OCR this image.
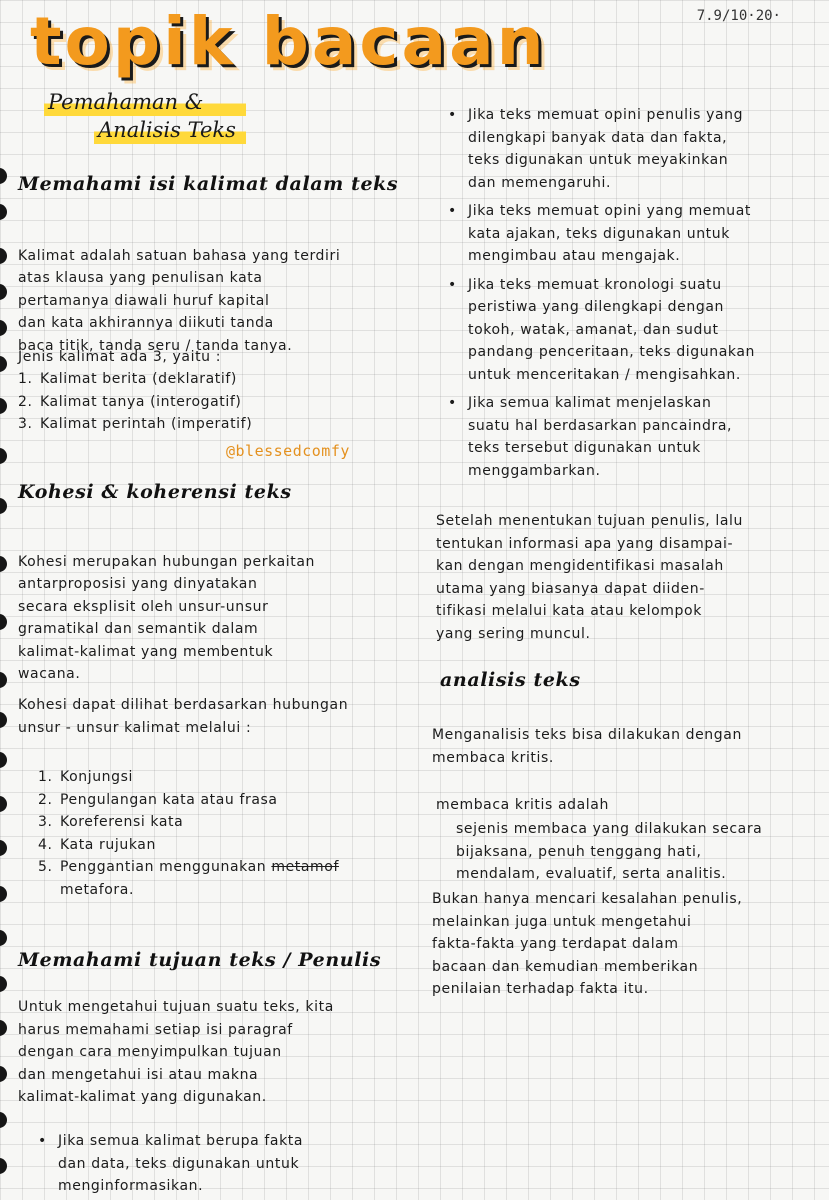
topik bacaan	7.9/10·20·
Pemahaman &
Analisis Teks
Memahami isi kalimat dalam teks

Kalimat adalah satuan bahasa yang terdiri
atas klausa yang penulisan kata
pertamanya diawali huruf kapital
dan kata akhirannya diikuti tanda
baca titik, tanda seru / tanda tanya.

Jenis kalimat ada 3, yaitu :

1. Kalimat berita (deklaratif)
2. Kalimat tanya (interogatif)
3. Kalimat perintah (imperatif)
@blessedcomfy
Kohesi & koherensi teks

Kohesi merupakan hubungan perkaitan
antarproposisi yang dinyatakan
secara eksplisit oleh unsur-unsur
gramatikal dan semantik dalam
kalimat-kalimat yang membentuk
wacana.

Kohesi dapat dilihat berdasarkan hubungan
unsur - unsur kalimat melalui :
1. Konjungsi
2. Pengulangan kata atau frasa
3. Koreferensi kata
4. Kata rujukan
5. Penggantian menggunakan metamof
metafora.
Memahami tujuan teks / Penulis
Untuk mengetahui tujuan suatu teks, kita
harus memahami setiap isi paragraf
dengan cara menyimpulkan tujuan
dan mengetahui isi atau makna
kalimat-kalimat yang digunakan.
• Jika semua kalimat berupa fakta
dan data, teks digunakan untuk
menginformasikan.
• Jika teks memuat opini penulis yang
dilengkapi banyak data dan fakta,
teks digunakan untuk meyakinkan
dan memengaruhi.
• Jika teks memuat opini yang memuat
kata ajakan, teks digunakan untuk
mengimbau atau mengajak.
• Jika teks memuat kronologi suatu
peristiwa yang dilengkapi dengan
tokoh, watak, amanat, dan sudut
pandang penceritaan, teks digunakan
untuk menceritakan / mengisahkan.
• Jika semua kalimat menjelaskan
suatu hal berdasarkan pancaindra,
teks tersebut digunakan untuk
menggambarkan.
Setelah menentukan tujuan penulis, lalu
tentukan informasi apa yang disampai-
kan dengan mengidentifikasi masalah
utama yang biasanya dapat diiden-
tifikasi melalui kata atau kelompok
yang sering muncul.
analisis teks
Menganalisis teks bisa dilakukan dengan
membaca kritis.

membaca kritis adalah

sejenis membaca yang dilakukan secara
bijaksana, penuh tenggang hati,
mendalam, evaluatif, serta analitis.
Bukan hanya mencari kesalahan penulis,
melainkan juga untuk mengetahui
fakta-fakta yang terdapat dalam
bacaan dan kemudian memberikan
penilaian terhadap fakta itu.
